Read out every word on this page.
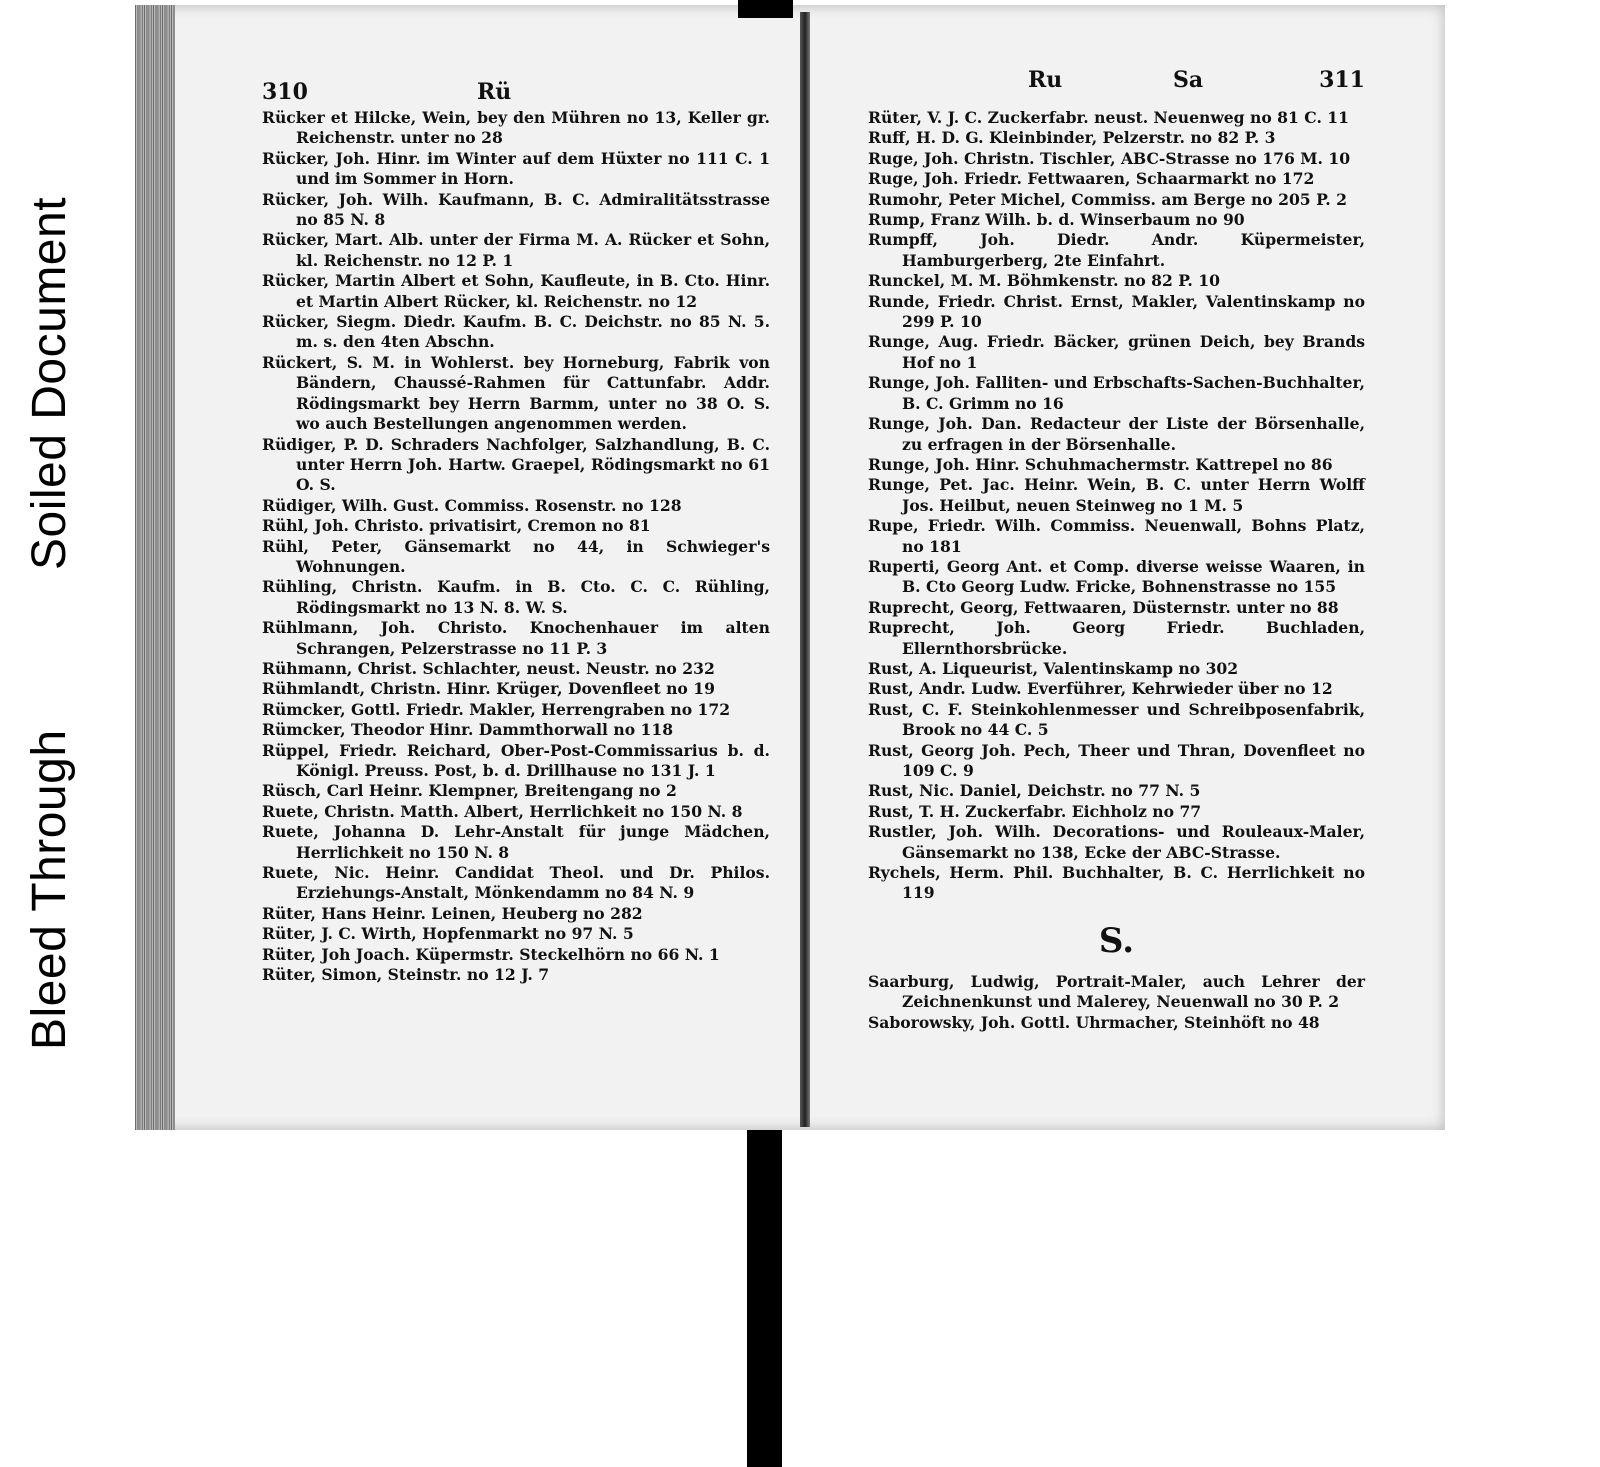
Bleed Through
Soiled Document
310	Rü

Rücker et Hilcke, Wein, bey den Mühren no 13, Keller gr. Reichenstr. unter no 28

Rücker, Joh. Hinr. im Winter auf dem Hüxter no 111 C. 1 und im Sommer in Horn.

Rücker, Joh. Wilh. Kaufmann, B. C. Admiralitätsstrasse no 85 N. 8

Rücker, Mart. Alb. unter der Firma M. A. Rücker et Sohn, kl. Reichenstr. no 12 P. 1

Rücker, Martin Albert et Sohn, Kaufleute, in B. Cto. Hinr. et Martin Albert Rücker, kl. Reichenstr. no 12

Rücker, Siegm. Diedr. Kaufm. B. C. Deichstr. no 85 N. 5. m. s. den 4ten Abschn.

Rückert, S. M. in Wohlerst. bey Horneburg, Fabrik von Bändern, Chaussé-Rahmen für Cattunfabr. Addr. Rödingsmarkt bey Herrn Barmm, unter no 38 O. S. wo auch Bestellungen angenommen werden.

Rüdiger, P. D. Schraders Nachfolger, Salzhandlung, B. C. unter Herrn Joh. Hartw. Graepel, Rödingsmarkt no 61 O. S.

Rüdiger, Wilh. Gust. Commiss. Rosenstr. no 128

Rühl, Joh. Christo. privatisirt, Cremon no 81

Rühl, Peter, Gänsemarkt no 44, in Schwieger's Wohnungen.

Rühling, Christn. Kaufm. in B. Cto. C. C. Rühling, Rödingsmarkt no 13 N. 8. W. S.

Rühlmann, Joh. Christo. Knochenhauer im alten Schrangen, Pelzerstrasse no 11 P. 3

Rühmann, Christ. Schlachter, neust. Neustr. no 232

Rühmlandt, Christn. Hinr. Krüger, Dovenfleet no 19

Rümcker, Gottl. Friedr. Makler, Herrengraben no 172

Rümcker, Theodor Hinr. Dammthorwall no 118

Rüppel, Friedr. Reichard, Ober-Post-Commissarius b. d. Königl. Preuss. Post, b. d. Drillhause no 131 J. 1

Rüsch, Carl Heinr. Klempner, Breitengang no 2

Ruete, Christn. Matth. Albert, Herrlichkeit no 150 N. 8

Ruete, Johanna D. Lehr-Anstalt für junge Mädchen, Herrlichkeit no 150 N. 8

Ruete, Nic. Heinr. Candidat Theol. und Dr. Philos. Erziehungs-Anstalt, Mönkendamm no 84 N. 9

Rüter, Hans Heinr. Leinen, Heuberg no 282

Rüter, J. C. Wirth, Hopfenmarkt no 97 N. 5

Rüter, Joh Joach. Küpermstr. Steckelhörn no 66 N. 1

Rüter, Simon, Steinstr. no 12 J. 7

Ru	Sa	311

Rüter, V. J. C. Zuckerfabr. neust. Neuenweg no 81 C. 11

Ruff, H. D. G. Kleinbinder, Pelzerstr. no 82 P. 3

Ruge, Joh. Christn. Tischler, ABC-Strasse no 176 M. 10

Ruge, Joh. Friedr. Fettwaaren, Schaarmarkt no 172

Rumohr, Peter Michel, Commiss. am Berge no 205 P. 2

Rump, Franz Wilh. b. d. Winserbaum no 90

Rumpff, Joh. Diedr. Andr. Küpermeister, Hamburgerberg, 2te Einfahrt.

Runckel, M. M. Böhmkenstr. no 82 P. 10

Runde, Friedr. Christ. Ernst, Makler, Valentinskamp no 299 P. 10

Runge, Aug. Friedr. Bäcker, grünen Deich, bey Brands Hof no 1

Runge, Joh. Falliten- und Erbschafts-Sachen-Buchhalter, B. C. Grimm no 16

Runge, Joh. Dan. Redacteur der Liste der Börsenhalle, zu erfragen in der Börsenhalle.

Runge, Joh. Hinr. Schuhmachermstr. Kattrepel no 86

Runge, Pet. Jac. Heinr. Wein, B. C. unter Herrn Wolff Jos. Heilbut, neuen Steinweg no 1 M. 5

Rupe, Friedr. Wilh. Commiss. Neuenwall, Bohns Platz, no 181

Ruperti, Georg Ant. et Comp. diverse weisse Waaren, in B. Cto Georg Ludw. Fricke, Bohnenstrasse no 155

Ruprecht, Georg, Fettwaaren, Düsternstr. unter no 88

Ruprecht, Joh. Georg Friedr. Buchladen, Ellernthorsbrücke.

Rust, A. Liqueurist, Valentinskamp no 302

Rust, Andr. Ludw. Everführer, Kehrwieder über no 12

Rust, C. F. Steinkohlenmesser und Schreibposenfabrik, Brook no 44 C. 5

Rust, Georg Joh. Pech, Theer und Thran, Dovenfleet no 109 C. 9

Rust, Nic. Daniel, Deichstr. no 77 N. 5

Rust, T. H. Zuckerfabr. Eichholz no 77

Rustler, Joh. Wilh. Decorations- und Rouleaux-Maler, Gänsemarkt no 138, Ecke der ABC-Strasse.

Rychels, Herm. Phil. Buchhalter, B. C. Herrlichkeit no 119

S.

Saarburg, Ludwig, Portrait-Maler, auch Lehrer der Zeichnenkunst und Malerey, Neuenwall no 30 P. 2

Saborowsky, Joh. Gottl. Uhrmacher, Steinhöft no 48
